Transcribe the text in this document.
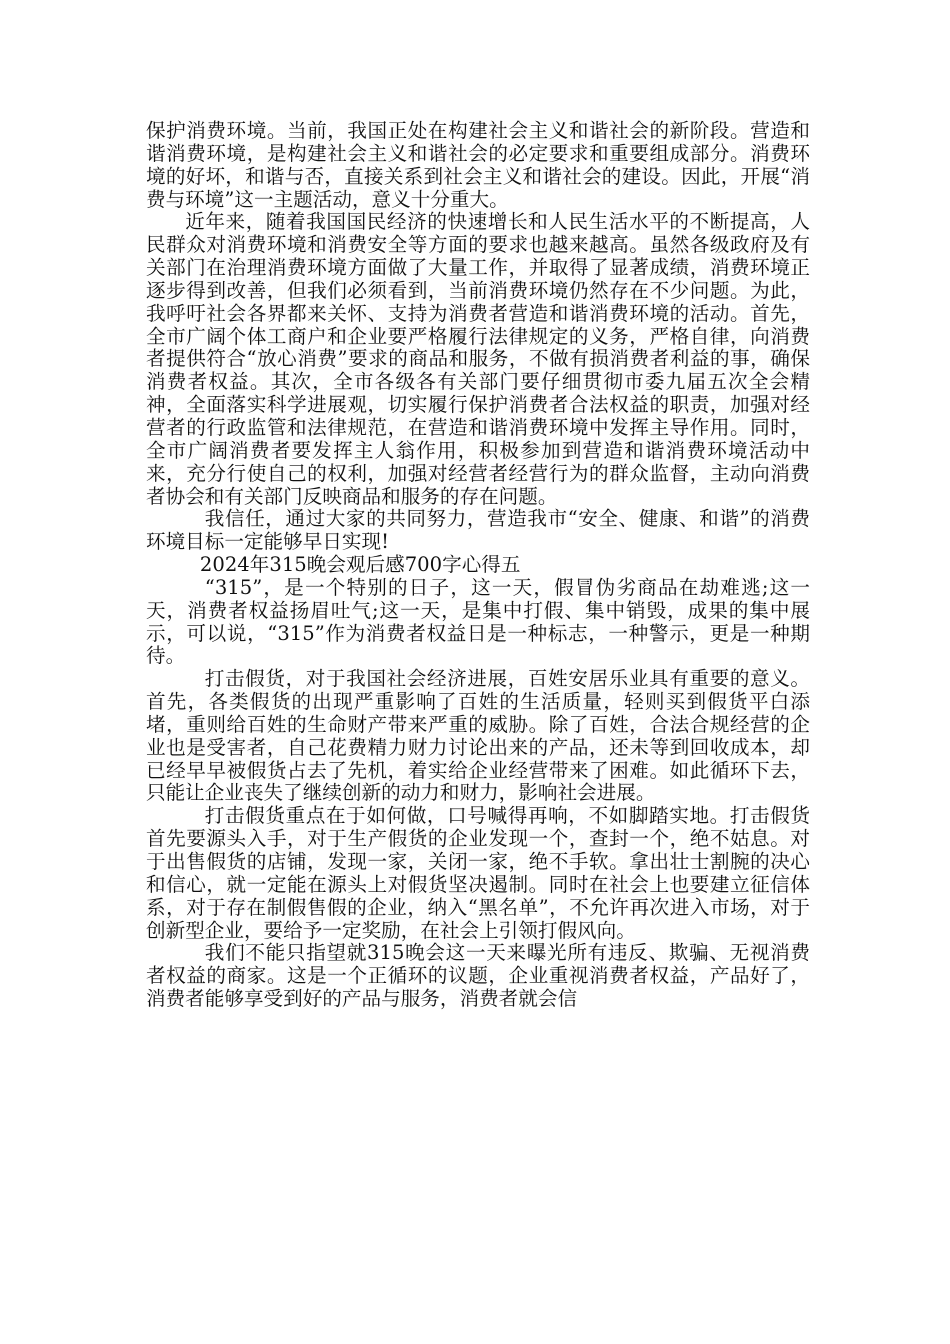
保护消费环境。当前，我国正处在构建社会主义和谐社会的新阶段。营造和谐消费环境，是构建社会主义和谐社会的必定要求和重要组成部分。消费环境的好坏，和谐与否，直接关系到社会主义和谐社会的建设。因此，开展“消费与环境”这一主题活动，意义十分重大。

近年来，随着我国国民经济的快速增长和人民生活水平的不断提高，人民群众对消费环境和消费安全等方面的要求也越来越高。虽然各级政府及有关部门在治理消费环境方面做了大量工作，并取得了显著成绩，消费环境正逐步得到改善，但我们必须看到，当前消费环境仍然存在不少问题。为此，我呼吁社会各界都来关怀、支持为消费者营造和谐消费环境的活动。首先，全市广阔个体工商户和企业要严格履行法律规定的义务，严格自律，向消费者提供符合“放心消费”要求的商品和服务，不做有损消费者利益的事，确保消费者权益。其次，全市各级各有关部门要仔细贯彻市委九届五次全会精神，全面落实科学进展观，切实履行保护消费者合法权益的职责，加强对经营者的行政监管和法律规范，在营造和谐消费环境中发挥主导作用。同时，全市广阔消费者要发挥主人翁作用，积极参加到营造和谐消费环境活动中来，充分行使自己的权利，加强对经营者经营行为的群众监督，主动向消费者协会和有关部门反映商品和服务的存在问题。

我信任，通过大家的共同努力，营造我市“安全、健康、和谐”的消费环境目标一定能够早日实现!

2024年315晚会观后感700字心得五

“315”，是一个特别的日子，这一天，假冒伪劣商品在劫难逃;这一天，消费者权益扬眉吐气;这一天，是集中打假、集中销毁，成果的集中展示，可以说，“315”作为消费者权益日是一种标志，一种警示，更是一种期待。

打击假货，对于我国社会经济进展，百姓安居乐业具有重要的意义。首先，各类假货的出现严重影响了百姓的生活质量，轻则买到假货平白添堵，重则给百姓的生命财产带来严重的威胁。除了百姓，合法合规经营的企业也是受害者，自己花费精力财力讨论出来的产品，还未等到回收成本，却已经早早被假货占去了先机，着实给企业经营带来了困难。如此循环下去，只能让企业丧失了继续创新的动力和财力，影响社会进展。

打击假货重点在于如何做，口号喊得再响，不如脚踏实地。打击假货首先要源头入手，对于生产假货的企业发现一个，查封一个，绝不姑息。对于出售假货的店铺，发现一家，关闭一家，绝不手软。拿出壮士割腕的决心和信心，就一定能在源头上对假货坚决遏制。同时在社会上也要建立征信体系，对于存在制假售假的企业，纳入“黑名单”，不允许再次进入市场，对于创新型企业，要给予一定奖励，在社会上引领打假风向。

我们不能只指望就315晚会这一天来曝光所有违反、欺骗、无视消费者权益的商家。这是一个正循环的议题，企业重视消费者权益，产品好了，消费者能够享受到好的产品与服务，消费者就会信
